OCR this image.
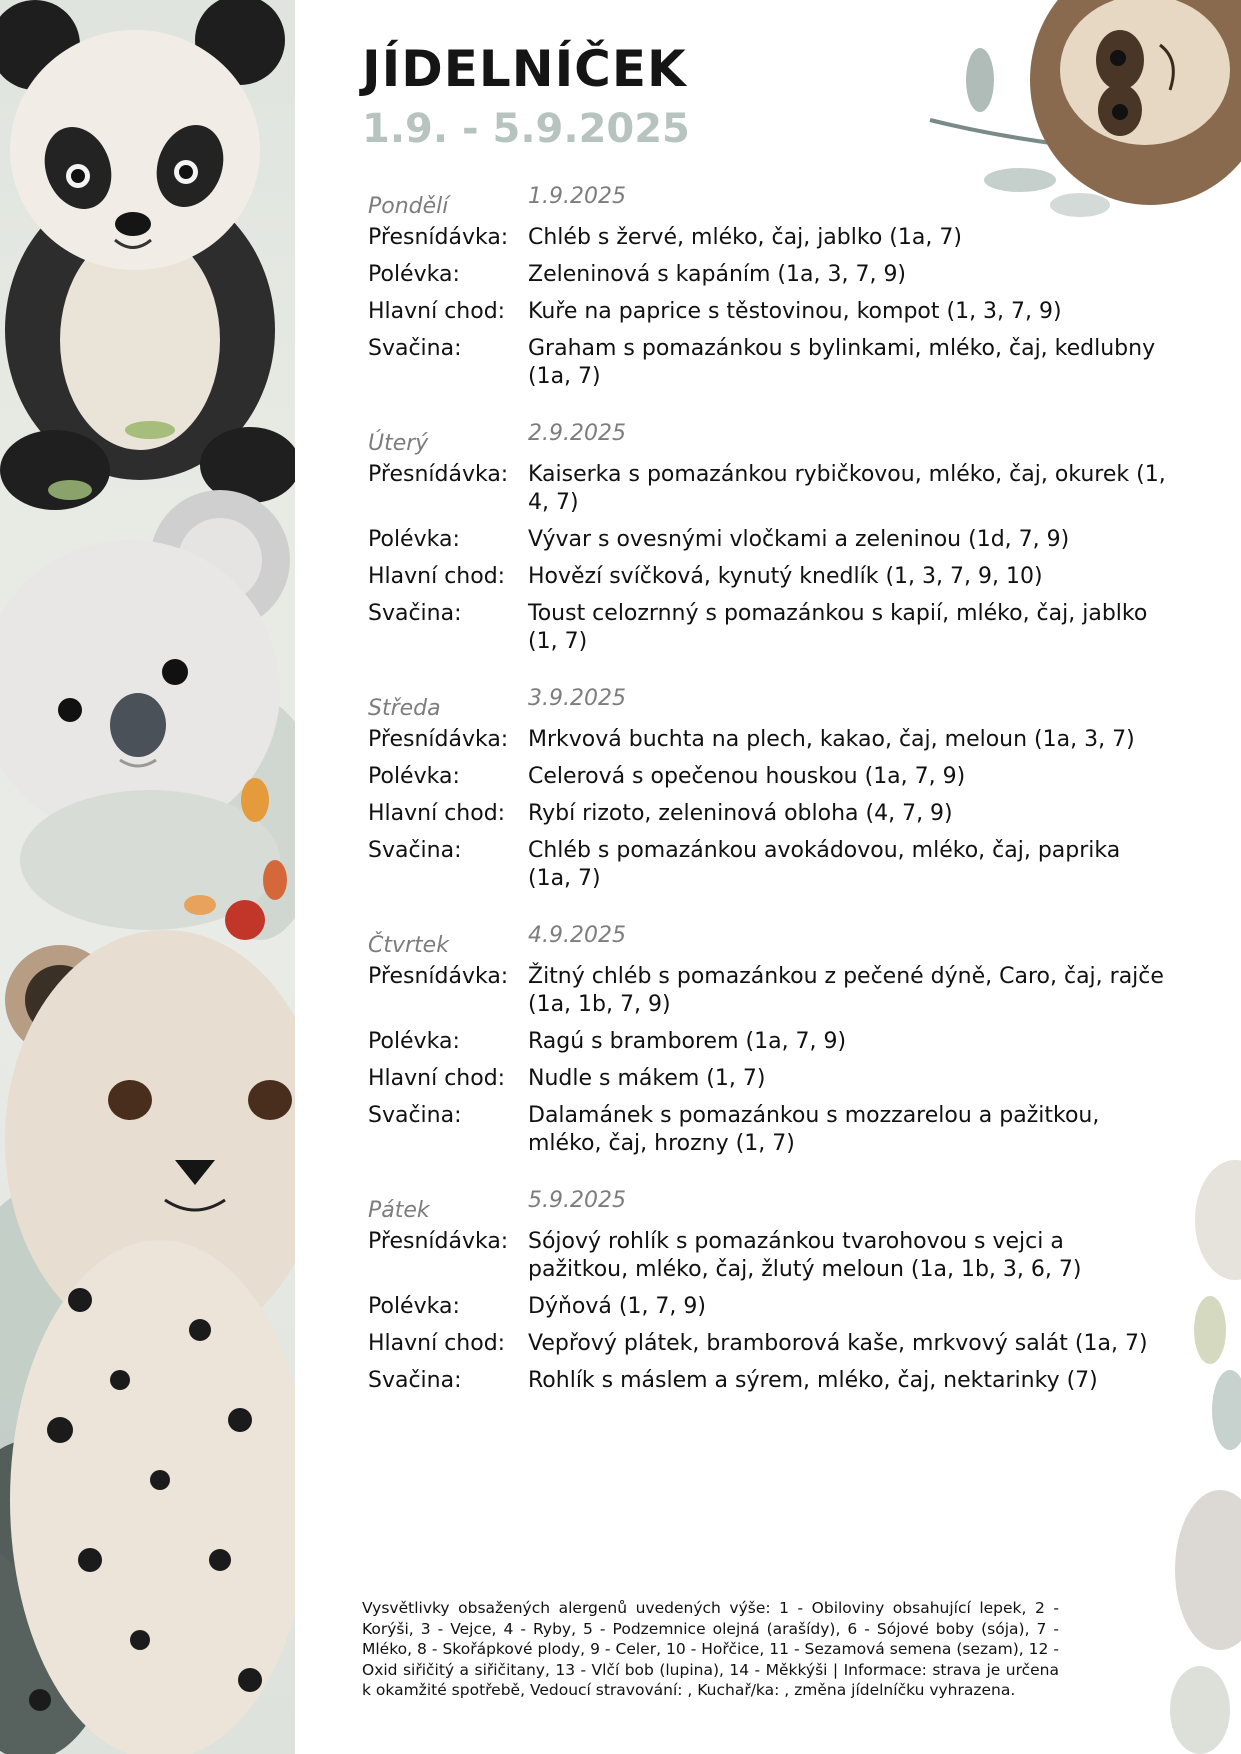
JÍDELNÍČEK
1.9. - 5.9.2025
Pondělí	1.9.2025
Přesnídávka: Chléb s žervé, mléko, čaj, jablko (1a, 7)
Polévka:	Zeleninová s kapáním (1a, 3, 7, 9)
Hlavní chod:	Kuře na paprice s těstovinou, kompot (1, 3, 7, 9)
Svačina:	Graham s pomazánkou s bylinkami, mléko, čaj, kedlubny (1a, 7)
Úterý	2.9.2025
Přesnídávka: Kaiserka s pomazánkou rybičkovou, mléko, čaj, okurek (1, 4, 7)
Polévka:	Vývar s ovesnými vločkami a zeleninou (1d, 7, 9)
Hlavní chod:	Hovězí svíčková, kynutý knedlík (1, 3, 7, 9, 10)
Svačina:	Toust celozrnný s pomazánkou s kapií, mléko, čaj, jablko (1, 7)
Středa	3.9.2025
Přesnídávka: Mrkvová buchta na plech, kakao, čaj, meloun (1a, 3, 7)
Polévka:	Celerová s opečenou houskou (1a, 7, 9)
Hlavní chod:	Rybí rizoto, zeleninová obloha (4, 7, 9)
Svačina:	Chléb s pomazánkou avokádovou, mléko, čaj, paprika (1a, 7)
Čtvrtek	4.9.2025
Přesnídávka: Žitný chléb s pomazánkou z pečené dýně, Caro, čaj, rajče (1a, 1b, 7, 9)
Polévka:	Ragú s bramborem (1a, 7, 9)
Hlavní chod:	Nudle s mákem (1, 7)
Svačina:	Dalamánek s pomazánkou s mozzarelou a pažitkou, mléko, čaj, hrozny (1, 7)
Pátek	5.9.2025
Přesnídávka: Sójový rohlík s pomazánkou tvarohovou s vejci a pažitkou, mléko, čaj, žlutý meloun (1a, 1b, 3, 6, 7)
Polévka:	Dýňová (1, 7, 9)
Hlavní chod:	Vepřový plátek, bramborová kaše, mrkvový salát (1a, 7)
Svačina:	Rohlík s máslem a sýrem, mléko, čaj, nektarinky (7)

Vysvětlivky obsažených alergenů uvedených výše: 1 - Obiloviny obsahující lepek, 2 - Korýši, 3 - Vejce, 4 - Ryby, 5 - Podzemnice olejná (arašídy), 6 - Sójové boby (sója), 7 - Mléko, 8 - Skořápkové plody, 9 - Celer, 10 - Hořčice, 11 - Sezamová semena (sezam), 12 - Oxid siřičitý a siřičitany, 13 - Vlčí bob (lupina), 14 - Měkkýši | Informace: strava je určena k okamžité spotřebě, Vedoucí stravování: , Kuchař/ka: , změna jídelníčku vyhrazena.
